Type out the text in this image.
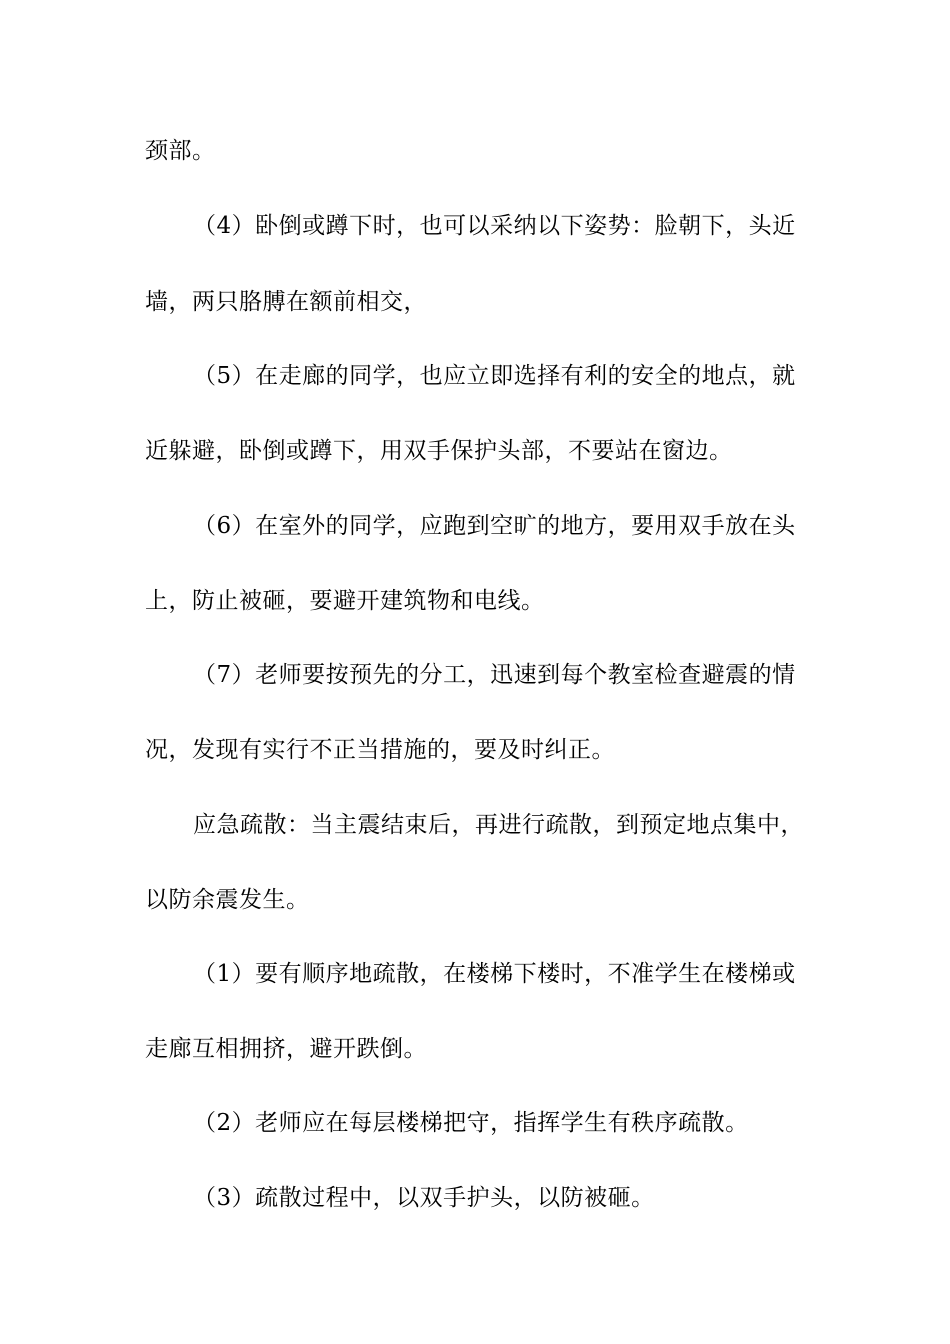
颈部。
（4）卧倒或蹲下时，也可以采纳以下姿势：脸朝下，头近
墙，两只胳膊在额前相交，
（5）在走廊的同学，也应立即选择有利的安全的地点，就
近躲避，卧倒或蹲下，用双手保护头部，不要站在窗边。
（6）在室外的同学，应跑到空旷的地方，要用双手放在头
上，防止被砸，要避开建筑物和电线。
（7）老师要按预先的分工，迅速到每个教室检查避震的情
况，发现有实行不正当措施的，要及时纠正。
应急疏散：当主震结束后，再进行疏散，到预定地点集中，
以防余震发生。
（1）要有顺序地疏散，在楼梯下楼时，不准学生在楼梯或
走廊互相拥挤，避开跌倒。
（2）老师应在每层楼梯把守，指挥学生有秩序疏散。
（3）疏散过程中，以双手护头，以防被砸。
